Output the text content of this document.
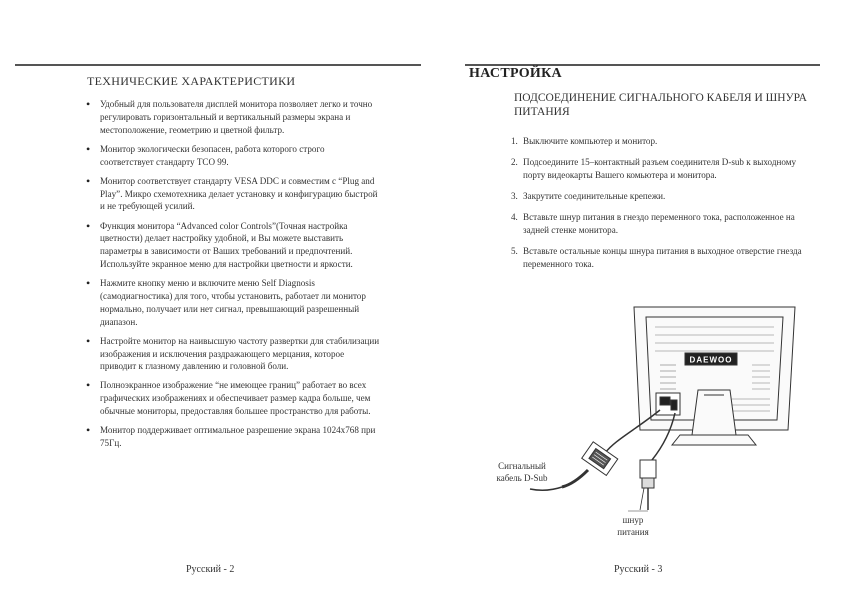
ТЕХНИЧЕСКИЕ ХАРАКТЕРИСТИКИ
• Удобный для пользователя дисплей монитора позволяет легко и точно регулировать горизонтальный и вертикальный размеры экрана и местоположение, геометрию и цветной фильтр.
• Монитор экологически безопасен, работа которого строго соответствует стандарту TCO 99.
• Монитор соответствует стандарту VESA DDC и совместим с “Plug and Play”. Микро схемотехника делает установку и конфигурацию быстрой и не требующей усилий.
• Функция монитора “Advanced color Controls”(Точная настройка цветности) делает настройку удобной, и Вы можете выставить параметры в зависимости от Ваших требований и предпочтений. Используйте экранное меню для настройки цветности и яркости.
• Нажмите кнопку меню и включите меню Self Diagnosis (самодиагностика) для того, чтобы установить, работает ли монитор нормально, получает или нет сигнал, превышающий разрешенный диапазон.
• Настройте монитор на наивысшую частоту развертки для стабилизации изображения и исключения раздражающего мерцания, которое приводит к глазному давлению и головной боли.
• Полноэкранное изображение “не имеющее границ” работает во всех графических изображениях и обеспечивает размер кадра больше, чем обычные мониторы, предоставляя большее пространство для работы.
• Монитор поддерживает оптимальное разрешение экрана 1024x768 при 75Гц.
Русский - 2
НАСТРОЙКА
ПОДСОЕДИНЕНИЕ СИГНАЛЬНОГО КАБЕЛЯ И ШНУРА ПИТАНИЯ
1. Выключите компьютер и монитор.
2. Подсоедините 15–контактный разъем соединителя D-sub к выходному порту видеокарты Вашего комьютера и монитора.
3. Закрутите соединительные крепежи.
4. Вставьте шнур питания в гнездо переменного тока, расположенное на задней стенке монитора.
5. Вставьте остальные концы шнура питания в выходное отверстие гнезда переменного тока.
DAEWOO
Сигнальный
кабель D-Sub
шнур
питания
Русский - 3
